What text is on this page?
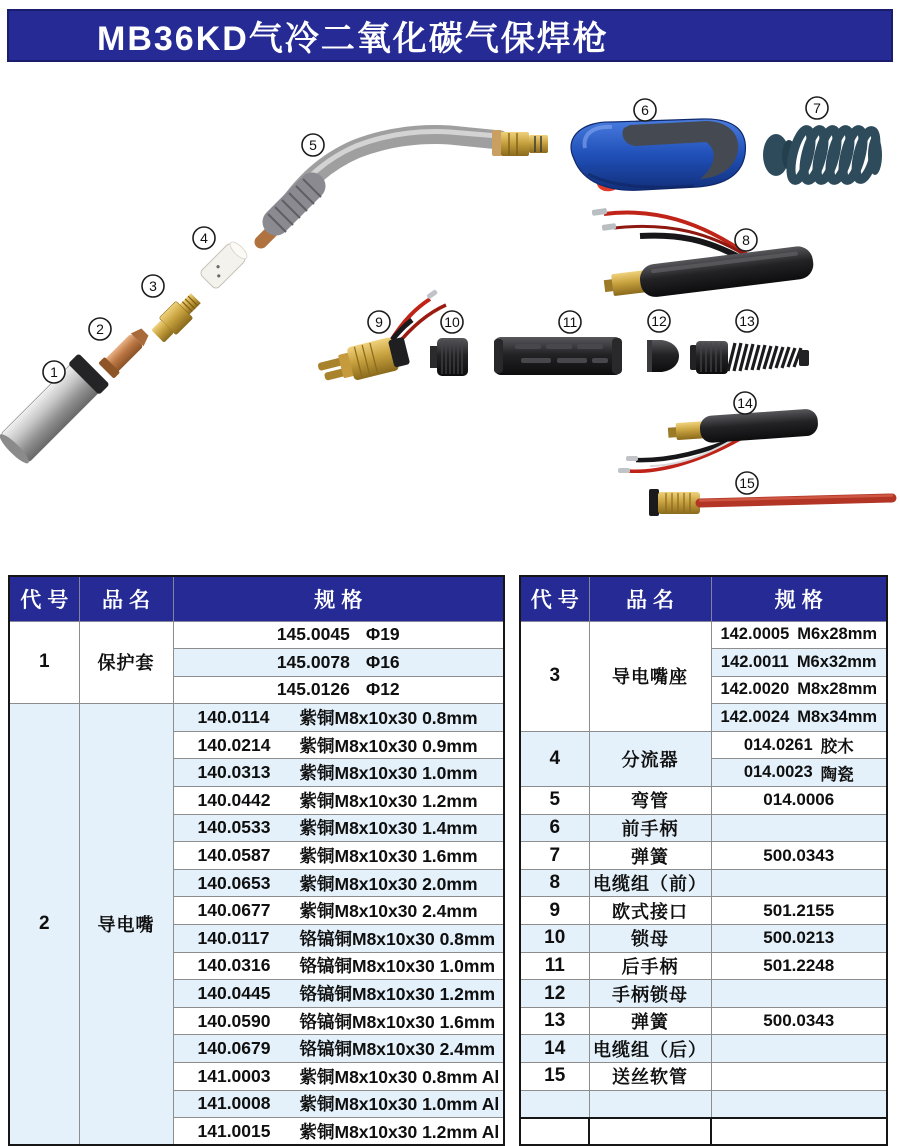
MB36KD气冷二氧化碳气保焊枪
1
2
3
4
5
6	7
8
9	10	11	12	13
14
15
代号	品名	规格
1	保护套	145.0045 Φ19

		145.0078 Φ16

		145.0126 Φ12

2	导电嘴	140.0114 紫铜M8x10x30 0.8mm

		140.0214 紫铜M8x10x30 0.9mm

		140.0313 紫铜M8x10x30 1.0mm

		140.0442 紫铜M8x10x30 1.2mm

		140.0533 紫铜M8x10x30 1.4mm

		140.0587 紫铜M8x10x30 1.6mm

		140.0653 紫铜M8x10x30 2.0mm

		140.0677 紫铜M8x10x30 2.4mm

		140.0117 铬镐铜M8x10x30 0.8mm

		140.0316 铬镐铜M8x10x30 1.0mm

		140.0445 铬镐铜M8x10x30 1.2mm

		140.0590 铬镐铜M8x10x30 1.6mm

		140.0679 铬镐铜M8x10x30 2.4mm

		141.0003 紫铜M8x10x30 0.8mm Al

		141.0008 紫铜M8x10x30 1.0mm Al

		141.0015 紫铜M8x10x30 1.2mm Al
代号	品名	规格
3	导电嘴座	142.0005 M6x28mm

		142.0011 M6x32mm

		142.0020 M8x28mm

		142.0024 M8x34mm

4	分流器	014.0261 胶木

		014.0023 陶瓷

5	弯管	014.0006
6	前手柄	
7	弹簧	500.0343
8	电缆组（前）	
9	欧式接口	501.2155
10	锁母	500.0213
11	后手柄	501.2248
12	手柄锁母	
13	弹簧	500.0343
14	电缆组（后）	
15	送丝软管	
